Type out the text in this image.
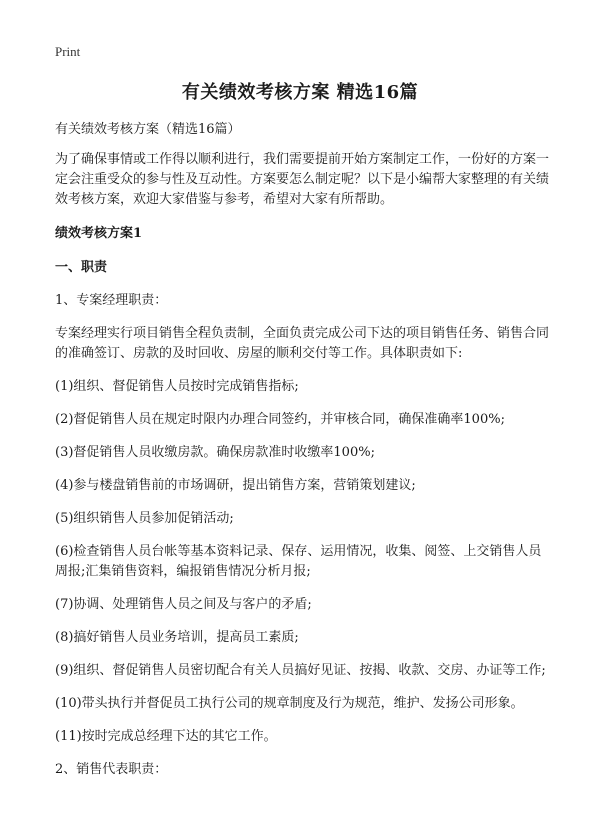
Print
有关绩效考核方案 精选16篇

有关绩效考核方案（精选16篇）

为了确保事情或工作得以顺利进行，我们需要提前开始方案制定工作，一份好的方案一定会注重受众的参与性及互动性。方案要怎么制定呢？以下是小编帮大家整理的有关绩效考核方案，欢迎大家借鉴与参考，希望对大家有所帮助。

绩效考核方案1

一、职责

1、专案经理职责：

专案经理实行项目销售全程负责制，全面负责完成公司下达的项目销售任务、销售合同的准确签订、房款的及时回收、房屋的顺利交付等工作。具体职责如下:

(1)组织、督促销售人员按时完成销售指标;

(2)督促销售人员在规定时限内办理合同签约，并审核合同，确保准确率100%;

(3)督促销售人员收缴房款。确保房款准时收缴率100%;

(4)参与楼盘销售前的市场调研，提出销售方案，营销策划建议;

(5)组织销售人员参加促销活动;

(6)检查销售人员台帐等基本资料记录、保存、运用情况，收集、阅签、上交销售人员周报;汇集销售资料，编报销售情况分析月报;

(7)协调、处理销售人员之间及与客户的矛盾;

(8)搞好销售人员业务培训，提高员工素质;

(9)组织、督促销售人员密切配合有关人员搞好见证、按揭、收款、交房、办证等工作;

(10)带头执行并督促员工执行公司的规章制度及行为规范，维护、发扬公司形象。

(11)按时完成总经理下达的其它工作。

2、销售代表职责：
